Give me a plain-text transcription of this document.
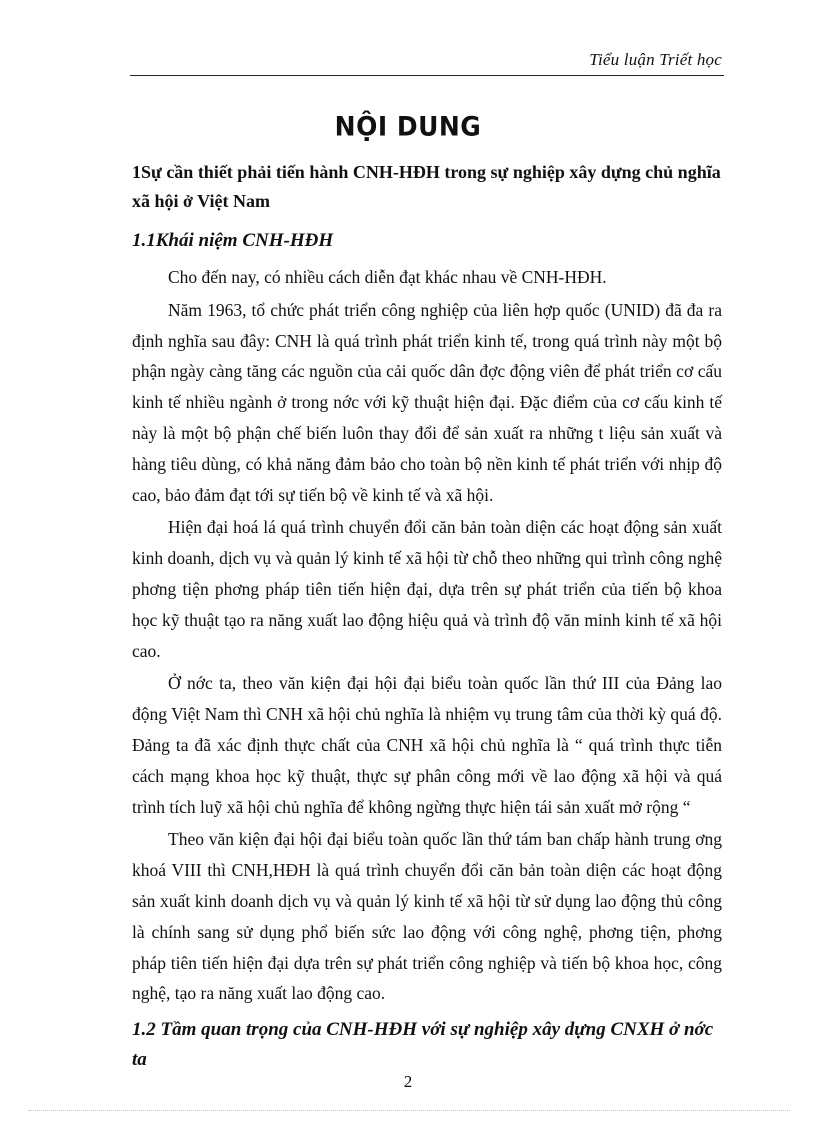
Tiểu luận Triết học
NỘI DUNG

1Sự cần thiết phải tiến hành CNH-HĐH trong sự nghiệp xây dựng chủ nghĩa xã hội ở Việt Nam

1.1Khái niệm CNH-HĐH

Cho đến nay, có nhiều cách diễn đạt khác nhau về CNH-HĐH.

Năm 1963, tổ chức phát triển công nghiệp của liên hợp quốc (UNID) đã đa ra định nghĩa sau đây: CNH là quá trình phát triển kinh tế, trong quá trình này một bộ phận ngày càng tăng các nguồn của cải quốc dân đợc động viên để phát triển cơ cấu kinh tế nhiều ngành ở trong nớc với kỹ thuật hiện đại. Đặc điểm của cơ cấu kinh tế này là một bộ phận chế biến luôn thay đổi để sản xuất ra những t liệu sản xuất và hàng tiêu dùng, có khả năng đảm bảo cho toàn bộ nền kinh tế phát triển với nhịp độ cao, bảo đảm đạt tới sự tiến bộ về kinh tế và xã hội.

Hiện đại hoá lá quá trình chuyển đổi căn bản toàn diện các hoạt động sản xuất kinh doanh, dịch vụ và quản lý kinh tế xã hội từ chỗ theo những qui trình công nghệ phơng tiện phơng pháp tiên tiến hiện đại, dựa trên sự phát triển của tiến bộ khoa học kỹ thuật tạo ra năng xuất lao động hiệu quả và trình độ văn minh kinh tế xã hội cao.

Ở nớc ta, theo văn kiện đại hội đại biểu toàn quốc lần thứ III của Đảng lao động Việt Nam thì CNH xã hội chủ nghĩa là nhiệm vụ trung tâm của thời kỳ quá độ. Đảng ta đã xác định thực chất của CNH xã hội chủ nghĩa là “ quá trình thực tiễn cách mạng khoa học kỹ thuật, thực sự phân công mới về lao động xã hội và quá trình tích luỹ xã hội chủ nghĩa để không ngừng thực hiện tái sản xuất mở rộng “

Theo văn kiện đại hội đại biểu toàn quốc lần thứ tám ban chấp hành trung ơng khoá VIII thì CNH,HĐH là quá trình chuyển đổi căn bản toàn diện các hoạt động sản xuất kinh doanh dịch vụ và quản lý kinh tế xã hội từ sử dụng lao động thủ công là chính sang sử dụng phổ biến sức lao động với công nghệ, phơng tiện, phơng pháp tiên tiến hiện đại dựa trên sự phát triển công nghiệp và tiến bộ khoa học, công nghệ, tạo ra năng xuất lao động cao.

1.2 Tầm quan trọng của CNH-HĐH với sự nghiệp xây dựng CNXH ở nớc ta

2
